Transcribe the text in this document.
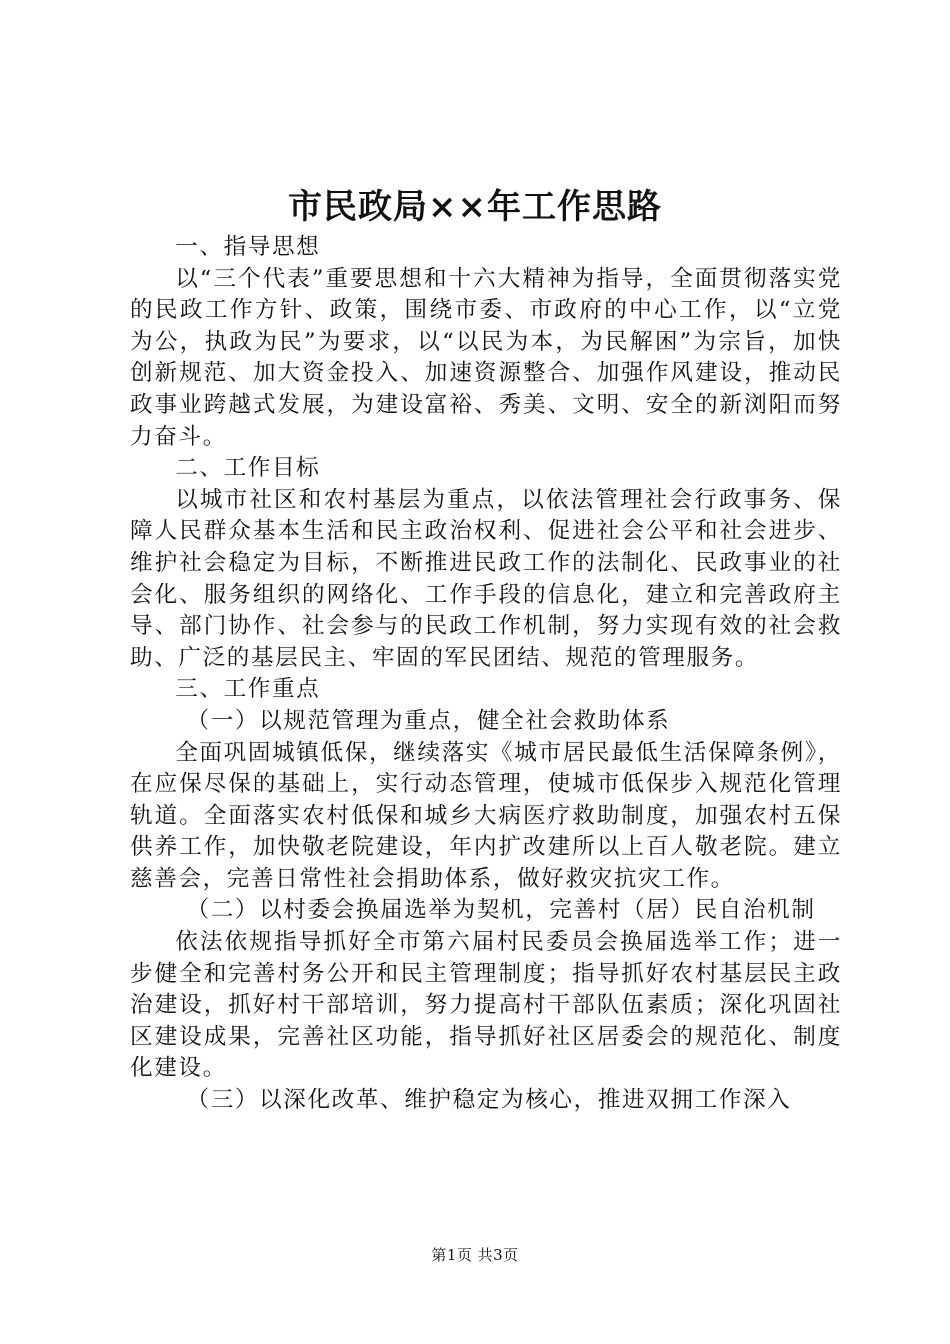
市民政局××年工作思路

一、指导思想

以“三个代表”重要思想和十六大精神为指导，全面贯彻落实党的民政工作方针、政策，围绕市委、市政府的中心工作，以“立党为公，执政为民”为要求，以“以民为本，为民解困”为宗旨，加快创新规范、加大资金投入、加速资源整合、加强作风建设，推动民政事业跨越式发展，为建设富裕、秀美、文明、安全的新浏阳而努力奋斗。

二、工作目标

以城市社区和农村基层为重点，以依法管理社会行政事务、保障人民群众基本生活和民主政治权利、促进社会公平和社会进步、维护社会稳定为目标，不断推进民政工作的法制化、民政事业的社会化、服务组织的网络化、工作手段的信息化，建立和完善政府主导、部门协作、社会参与的民政工作机制，努力实现有效的社会救助、广泛的基层民主、牢固的军民团结、规范的管理服务。

三、工作重点

（一）以规范管理为重点，健全社会救助体系

全面巩固城镇低保，继续落实《城市居民最低生活保障条例》，在应保尽保的基础上，实行动态管理，使城市低保步入规范化管理轨道。全面落实农村低保和城乡大病医疗救助制度，加强农村五保供养工作，加快敬老院建设，年内扩改建所以上百人敬老院。建立慈善会，完善日常性社会捐助体系，做好救灾抗灾工作。

（二）以村委会换届选举为契机，完善村（居）民自治机制

依法依规指导抓好全市第六届村民委员会换届选举工作；进一步健全和完善村务公开和民主管理制度；指导抓好农村基层民主政治建设，抓好村干部培训，努力提高村干部队伍素质；深化巩固社区建设成果，完善社区功能，指导抓好社区居委会的规范化、制度化建设。

（三）以深化改革、维护稳定为核心，推进双拥工作深入

第1页 共3页
